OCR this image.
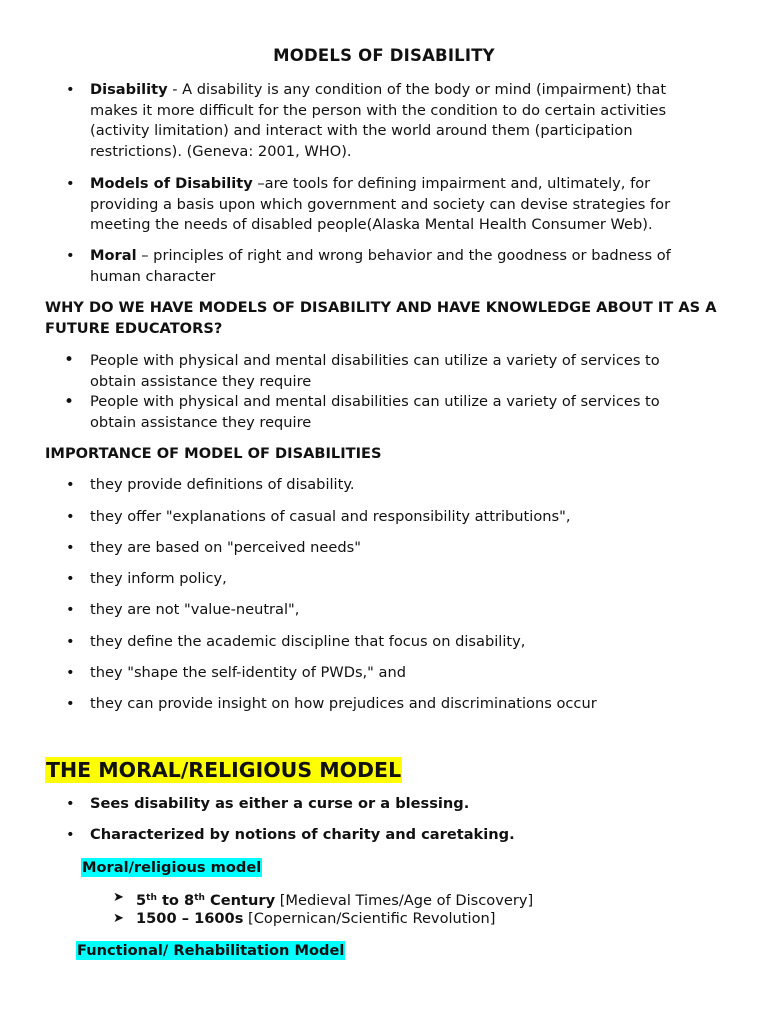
MODELS OF DISABILITY
• Disability - A disability is any condition of the body or mind (impairment) that makes it more difficult for the person with the condition to do certain activities (activity limitation) and interact with the world around them (participation restrictions). (Geneva: 2001, WHO).
• Models of Disability –are tools for defining impairment and, ultimately, for providing a basis upon which government and society can devise strategies for meeting the needs of disabled people(Alaska Mental Health Consumer Web).
• Moral – principles of right and wrong behavior and the goodness or badness of human character
WHY DO WE HAVE MODELS OF DISABILITY AND HAVE KNOWLEDGE ABOUT IT AS A FUTURE EDUCATORS?
• People with physical and mental disabilities can utilize a variety of services to obtain assistance they require
• People with physical and mental disabilities can utilize a variety of services to obtain assistance they require
IMPORTANCE OF MODEL OF DISABILITIES
• they provide definitions of disability.
• they offer "explanations of casual and responsibility attributions",
• they are based on "perceived needs"
• they inform policy,
• they are not "value-neutral",
• they define the academic discipline that focus on disability,
• they "shape the self-identity of PWDs," and
• they can provide insight on how prejudices and discriminations occur
THE MORAL/RELIGIOUS MODEL
• Sees disability as either a curse or a blessing.
• Characterized by notions of charity and caretaking.
Moral/religious model
➤ 5th to 8th Century [Medieval Times/Age of Discovery]
➤ 1500 – 1600s [Copernican/Scientific Revolution]
Functional/ Rehabilitation Model
